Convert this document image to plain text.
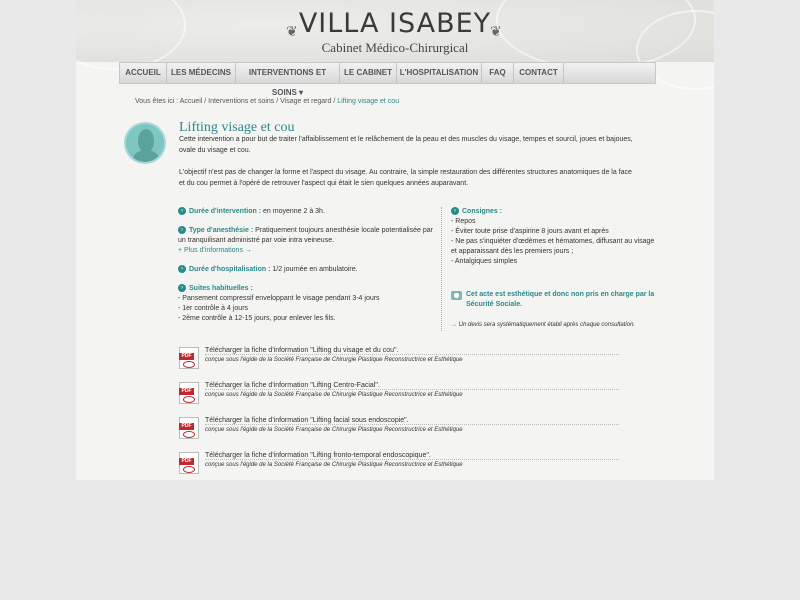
❦	❦
VILLA ISABEY
Cabinet Médico-Chirurgical
ACCUEIL	LES MÉDECINS	INTERVENTIONS ET SOINS ▾
LE CABINET L'HOSPITALISATION	FAQ	CONTACT
Vous êtes ici : Accueil / Interventions et soins / Visage et regard / Lifting visage et cou
Lifting visage et cou

Cette intervention a pour but de traiter l'affaiblissement et le relâchement de la peau et des muscles du visage, tempes et sourcil, joues et bajoues, ovale du visage et cou.

L'objectif n'est pas de changer la forme et l'aspect du visage. Au contraire, la simple restauration des différentes structures anatomiques de la face et du cou permet à l'opéré de retrouver l'aspect qui était le sien quelques années auparavant.

› Durée d'intervention : en moyenne 2 à 3h.
› Type d'anesthésie : Pratiquement toujours anesthésie locale potentialisée par un tranquilisant administré par voie intra veineuse.
+ Plus d'informations →
› Durée d'hospitalisation : 1/2 journée en ambulatoire.
› Suites habituelles :
- Pansement compressif enveloppant le visage pendant 3-4 jours
- 1er contrôle à 4 jours
- 2ème contrôle à 12-15 jours, pour enlever les fils.
› Consignes :
- Repos
- Éviter toute prise d'aspirine 8 jours avant et après
- Ne pas s'inquiéter d'œdèmes et hématomes, diffusant au visage et apparaissant dès les premiers jours ;
- Antalgiques simples
Cet acte est esthétique et donc non pris en charge par la Sécurité Sociale.
→ Un devis sera systématiquement établi après chaque consultation.
PDF
Télécharger la fiche d'information "Lifting du visage et du cou".
conçue sous l'égide de la Société Française de Chirurgie Plastique Reconstructrice et Esthétique
PDF
Télécharger la fiche d'information "Lifting Centro-Facial".
conçue sous l'égide de la Société Française de Chirurgie Plastique Reconstructrice et Esthétique
PDF
Télécharger la fiche d'information "Lifting facial sous endoscopie".
conçue sous l'égide de la Société Française de Chirurgie Plastique Reconstructrice et Esthétique
PDF
Télécharger la fiche d'information "Lifting fronto-temporal endoscopique".
conçue sous l'égide de la Société Française de Chirurgie Plastique Reconstructrice et Esthétique
